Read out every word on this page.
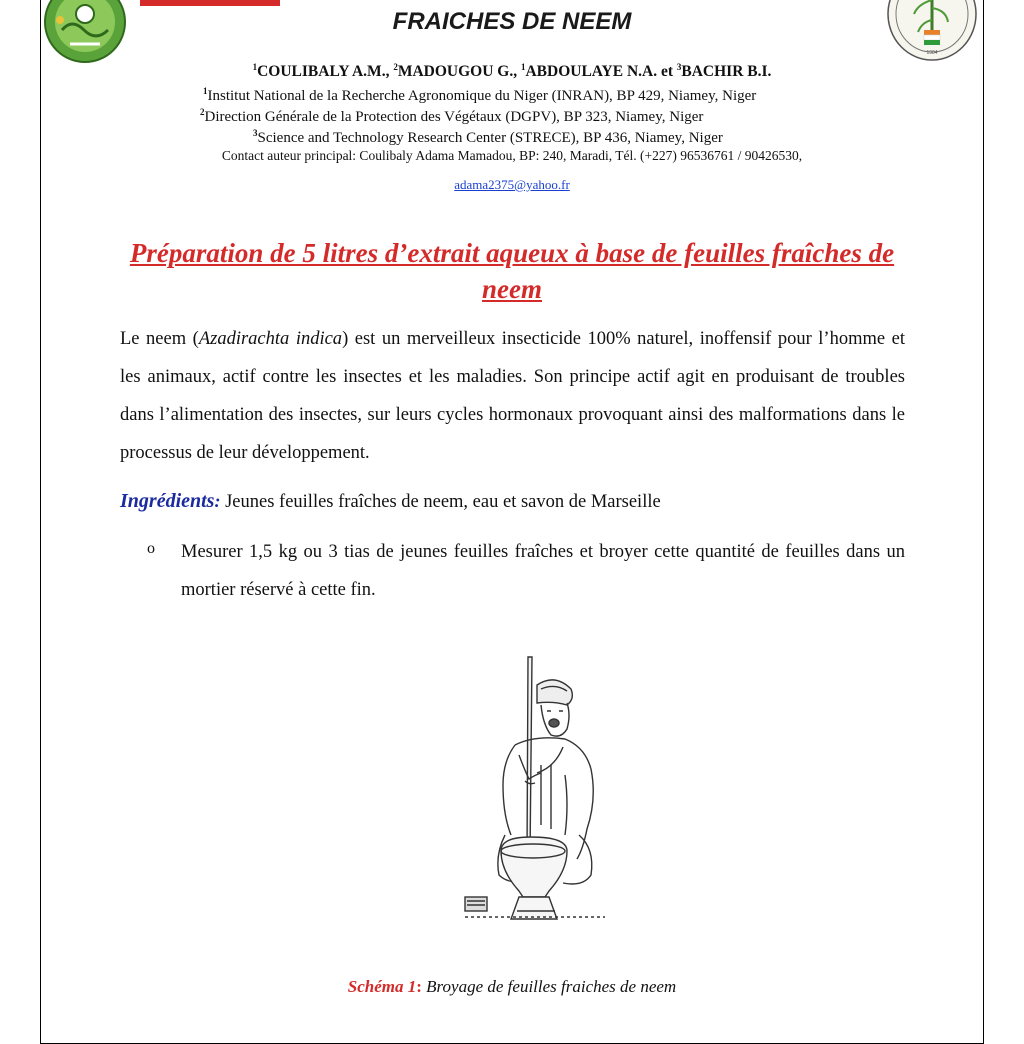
1984
FRAICHES DE NEEM
$^1$COULIBALY A.M., $^2$MADOUGOU G., $^1$ABDOULAYE N.A. et $^3$BACHIR B.I.
$^1$Institut National de la Recherche Agronomique du Niger (INRAN), BP 429, Niamey, Niger
$^2$Direction Générale de la Protection des Végétaux (DGPV), BP 323, Niamey, Niger
$^3$Science and Technology Research Center (STRECE), BP 436, Niamey, Niger
Contact auteur principal: Coulibaly Adama Mamadou, BP: 240, Maradi, Tél. (+227) 96536761 / 90426530,
adama2375@yahoo.fr
Préparation de 5 litres d’extrait aqueux à base de feuilles fraîches de neem
Le neem (Azadirachta indica) est un merveilleux insecticide 100% naturel, inoffensif pour l’homme et les animaux, actif contre les insectes et les maladies. Son principe actif agit en produisant de troubles dans l’alimentation des insectes, sur leurs cycles hormonaux provoquant ainsi des malformations dans le processus de leur développement.
Ingrédients: Jeunes feuilles fraîches de neem, eau et savon de Marseille
o Mesurer 1,5 kg ou 3 tias de jeunes feuilles fraîches et broyer cette quantité de feuilles dans un mortier réservé à cette fin.
Schéma 1: Broyage de feuilles fraiches de neem
